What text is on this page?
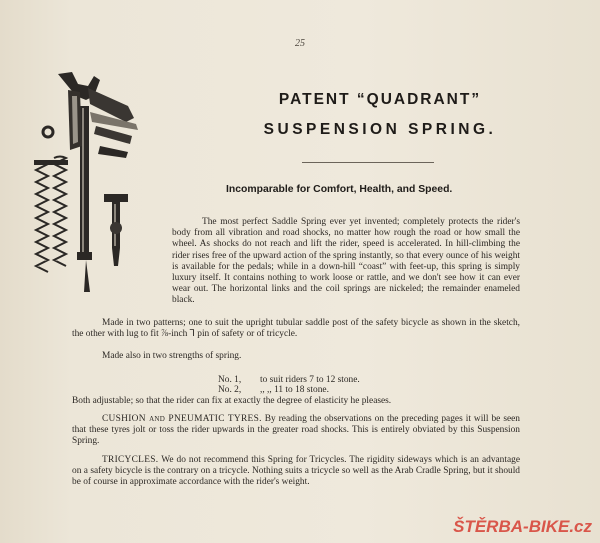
25
PATENT “QUADRANT”
SUSPENSION SPRING.
Incomparable for Comfort, Health, and Speed.
The most perfect Saddle Spring ever yet invented; completely protects the rider's body from all vibration and road shocks, no matter how rough the road or how small the wheel. As shocks do not reach and lift the rider, speed is accelerated. In hill-climbing the rider rises free of the upward action of the spring instantly, so that every ounce of his weight is available for the pedals; while in a down-hill “coast” with feet-up, this spring is simply luxury itself. It contains nothing to work loose or rattle, and we don't see how it can ever wear out. The horizontal links and the coil springs are nickeled; the remainder enameled black.
Made in two patterns; one to suit the upright tubular saddle post of the safety bicycle as shown in the sketch, the other with lug to fit ⅞-inch ⅂ pin of safety or of tricycle.
Made also in two strengths of spring.
No. 1,	to suit riders 7 to 12 stone.
No. 2,	,, ,, 11 to 18 stone.
Both adjustable; so that the rider can fix at exactly the degree of elasticity he pleases.
CUSHION and PNEUMATIC TYRES. By reading the observations on the preceding pages it will be seen that these tyres jolt or toss the rider upwards in the greater road shocks. This is entirely obviated by this Suspension Spring.
TRICYCLES. We do not recommend this Spring for Tricycles. The rigidity sideways which is an advantage on a safety bicycle is the contrary on a tricycle. Nothing suits a tricycle so well as the Arab Cradle Spring, but it should be of course in approximate accordance with the rider's weight.
ŠTĚRBA-BIKE.cz
